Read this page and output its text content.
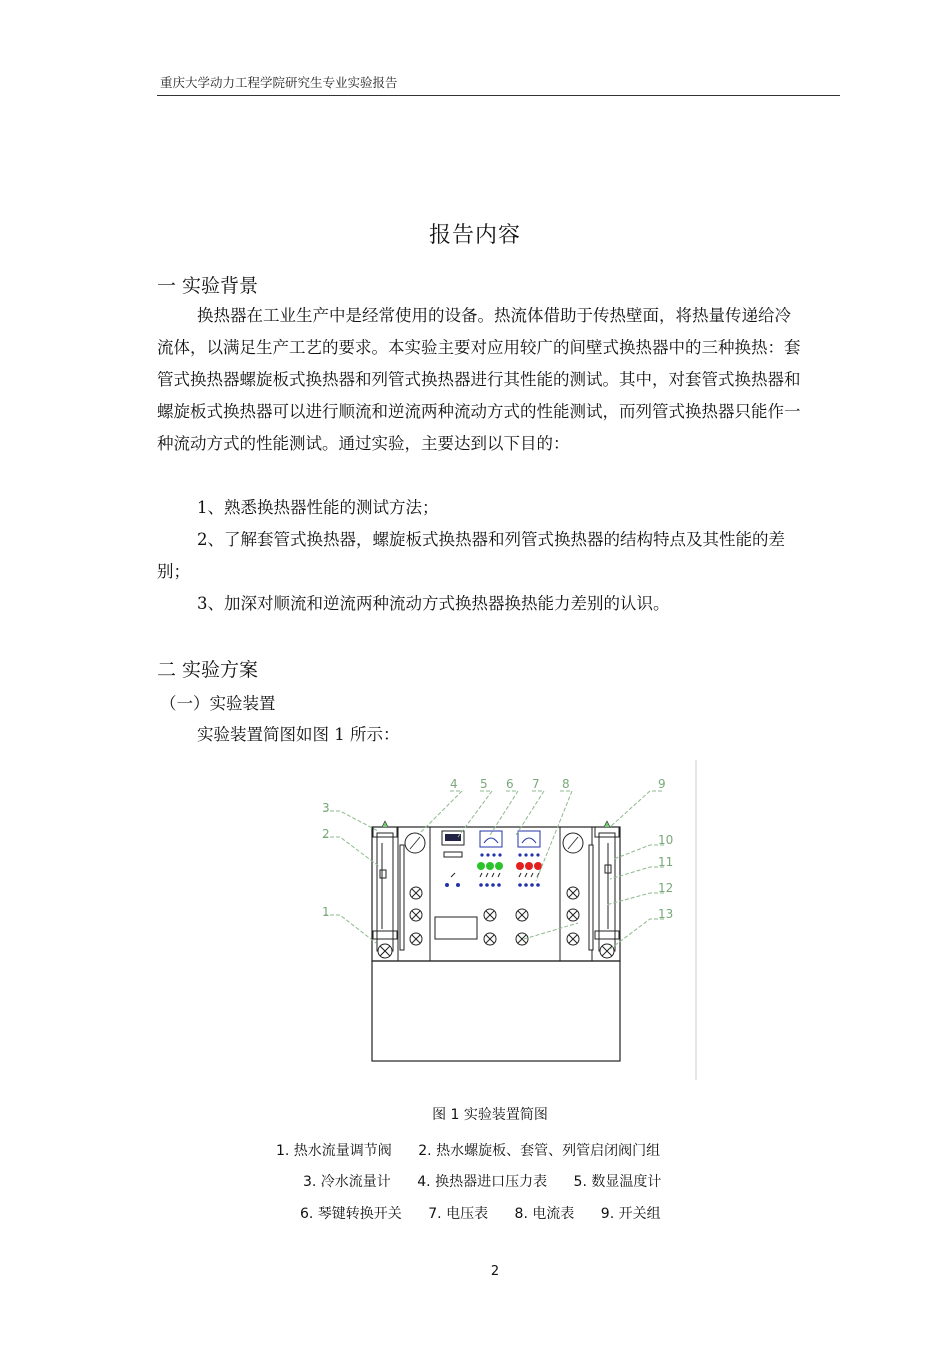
重庆大学动力工程学院研究生专业实验报告
报告内容
一 实验背景

换热器在工业生产中是经常使用的设备。热流体借助于传热壁面，将热量传递给冷流体，以满足生产工艺的要求。本实验主要对应用较广的间壁式换热器中的三种换热：套管式换热器螺旋板式换热器和列管式换热器进行其性能的测试。其中，对套管式换热器和螺旋板式换热器可以进行顺流和逆流两种流动方式的性能测试，而列管式换热器只能作一种流动方式的性能测试。通过实验，主要达到以下目的：

1、熟悉换热器性能的测试方法；

2、了解套管式换热器，螺旋板式换热器和列管式换热器的结构特点及其性能的差别；

3、加深对顺流和逆流两种流动方式换热器换热能力差别的认识。
二 实验方案
（一）实验装置
实验装置简图如图 1 所示：
1
2
3
4 5 6 7 8	9
10
11
12
13
图 1 实验装置简图
1. 热水流量调节阀 2. 热水螺旋板、套管、列管启闭阀门组
3. 冷水流量计 4. 换热器进口压力表 5. 数显温度计
6. 琴键转换开关 7. 电压表 8. 电流表 9. 开关组
2
